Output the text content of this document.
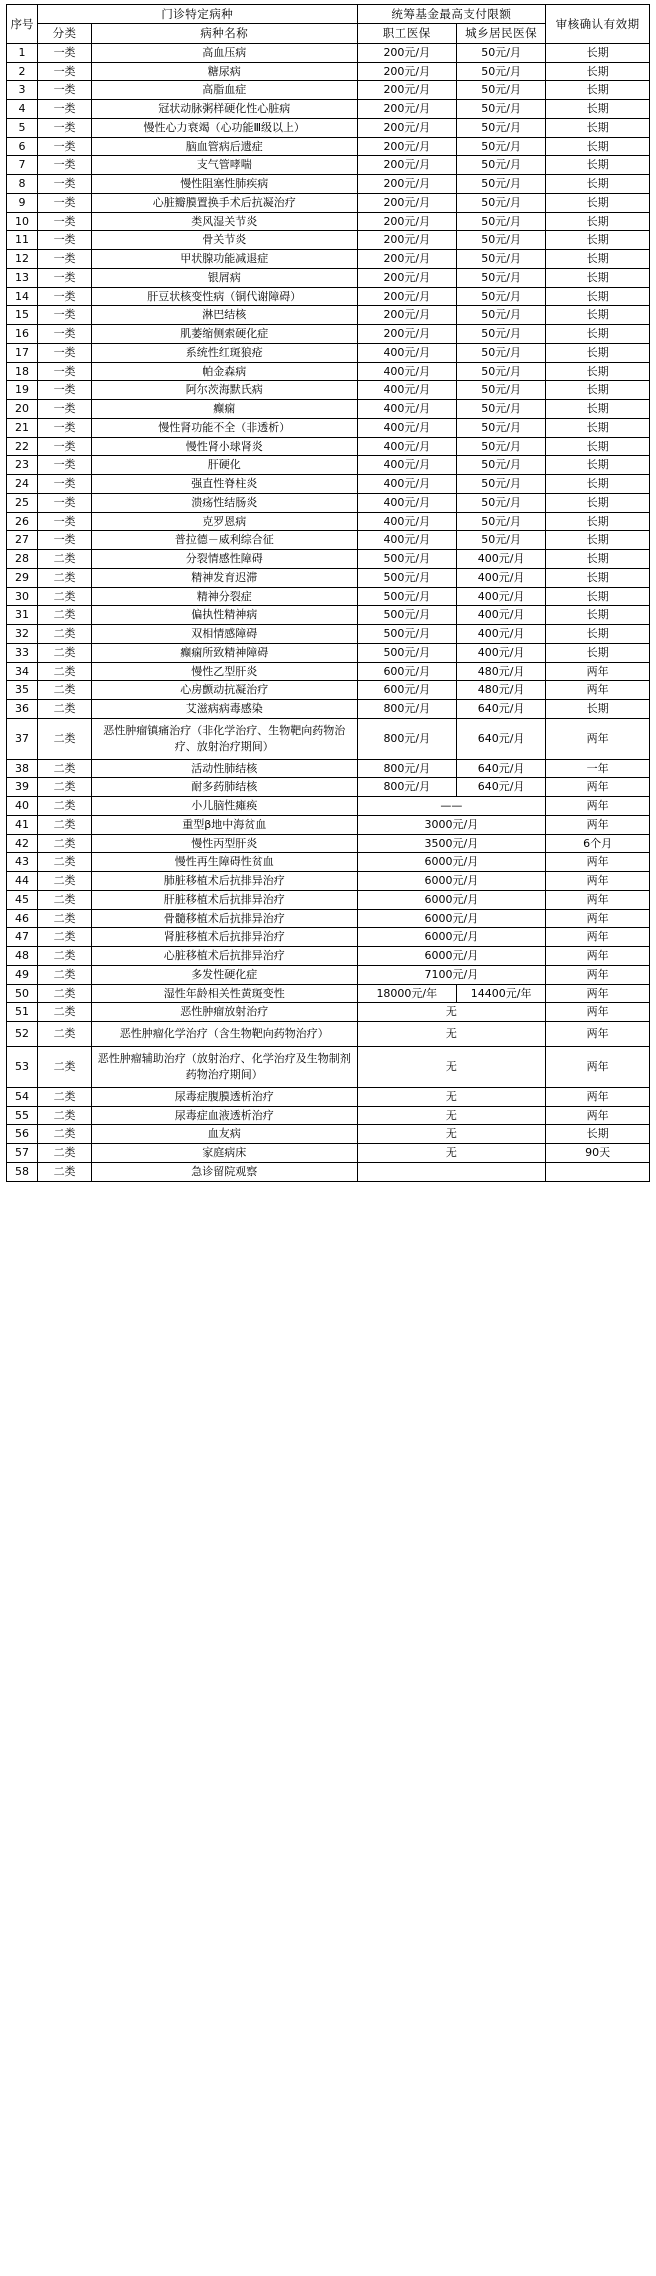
序号	门诊特定病种		统筹基金最高支付限额		审核确认有效期
	分类	病种名称	职工医保	城乡居民医保	
1	一类	高血压病	200元/月	50元/月	长期
2	一类	糖尿病	200元/月	50元/月	长期
3	一类	高脂血症	200元/月	50元/月	长期
4	一类	冠状动脉粥样硬化性心脏病	200元/月	50元/月	长期
5	一类	慢性心力衰竭（心功能Ⅲ级以上）	200元/月	50元/月	长期
6	一类	脑血管病后遗症	200元/月	50元/月	长期
7	一类	支气管哮喘	200元/月	50元/月	长期
8	一类	慢性阻塞性肺疾病	200元/月	50元/月	长期
9	一类	心脏瓣膜置换手术后抗凝治疗	200元/月	50元/月	长期
10	一类	类风湿关节炎	200元/月	50元/月	长期
11	一类	骨关节炎	200元/月	50元/月	长期
12	一类	甲状腺功能减退症	200元/月	50元/月	长期
13	一类	银屑病	200元/月	50元/月	长期
14	一类	肝豆状核变性病（铜代谢障碍）	200元/月	50元/月	长期
15	一类	淋巴结核	200元/月	50元/月	长期
16	一类	肌萎缩侧索硬化症	200元/月	50元/月	长期
17	一类	系统性红斑狼疮	400元/月	50元/月	长期
18	一类	帕金森病	400元/月	50元/月	长期
19	一类	阿尔茨海默氏病	400元/月	50元/月	长期
20	一类	癫痫	400元/月	50元/月	长期
21	一类	慢性肾功能不全（非透析）	400元/月	50元/月	长期
22	一类	慢性肾小球肾炎	400元/月	50元/月	长期
23	一类	肝硬化	400元/月	50元/月	长期
24	一类	强直性脊柱炎	400元/月	50元/月	长期
25	一类	溃疡性结肠炎	400元/月	50元/月	长期
26	一类	克罗恩病	400元/月	50元/月	长期
27	一类	普拉德－威利综合征	400元/月	50元/月	长期
28	二类	分裂情感性障碍	500元/月	400元/月	长期
29	二类	精神发育迟滞	500元/月	400元/月	长期
30	二类	精神分裂症	500元/月	400元/月	长期
31	二类	偏执性精神病	500元/月	400元/月	长期
32	二类	双相情感障碍	500元/月	400元/月	长期
33	二类	癫痫所致精神障碍	500元/月	400元/月	长期
34	二类	慢性乙型肝炎	600元/月	480元/月	两年
35	二类	心房颤动抗凝治疗	600元/月	480元/月	两年
36	二类	艾滋病病毒感染	800元/月	640元/月	长期
37	二类	恶性肿瘤镇痛治疗（非化学治疗、生物靶向药物治疗、放射治疗期间）	800元/月	640元/月	两年
38	二类	活动性肺结核	800元/月	640元/月	一年
39	二类	耐多药肺结核	800元/月	640元/月	两年
40	二类	小儿脑性瘫痪	——		两年
41	二类	重型β地中海贫血	3000元/月		两年
42	二类	慢性丙型肝炎	3500元/月		6个月
43	二类	慢性再生障碍性贫血	6000元/月		两年
44	二类	肺脏移植术后抗排异治疗	6000元/月		两年
45	二类	肝脏移植术后抗排异治疗	6000元/月		两年
46	二类	骨髓移植术后抗排异治疗	6000元/月		两年
47	二类	肾脏移植术后抗排异治疗	6000元/月		两年
48	二类	心脏移植术后抗排异治疗	6000元/月		两年
49	二类	多发性硬化症	7100元/月		两年
50	二类	湿性年龄相关性黄斑变性	18000元/年	14400元/年	两年
51	二类	恶性肿瘤放射治疗	无		两年
52	二类	恶性肿瘤化学治疗（含生物靶向药物治疗）	无		两年
53	二类	恶性肿瘤辅助治疗（放射治疗、化学治疗及生物制剂药物治疗期间）	无		两年
54	二类	尿毒症腹膜透析治疗	无		两年
55	二类	尿毒症血液透析治疗	无		两年
56	二类	血友病	无		长期
57	二类	家庭病床	无		90天
58	二类	急诊留院观察			
